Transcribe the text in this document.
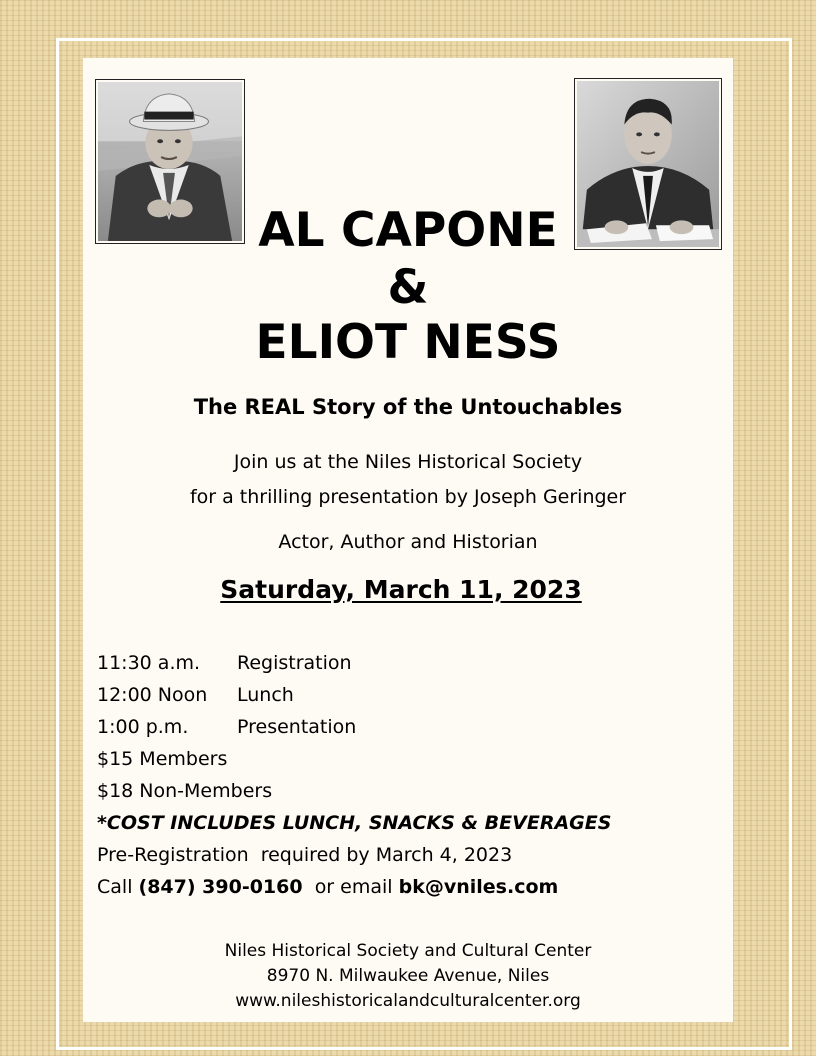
AL CAPONE
&
ELIOT NESS
The REAL Story of the Untouchables
Join us at the Niles Historical Society
for a thrilling presentation by Joseph Geringer
Actor, Author and Historian
Saturday, March 11, 2023
11:30 a.m. Registration
12:00 Noon Lunch
1:00 p.m.	Presentation
$15 Members
$18 Non-Members
*COST INCLUDES LUNCH, SNACKS & BEVERAGES
Pre-Registration  required by March 4, 2023
Call (847) 390-0160 or email bk@vniles.com
Niles Historical Society and Cultural Center
8970 N. Milwaukee Avenue, Niles
www.nileshistoricalandculturalcenter.org
